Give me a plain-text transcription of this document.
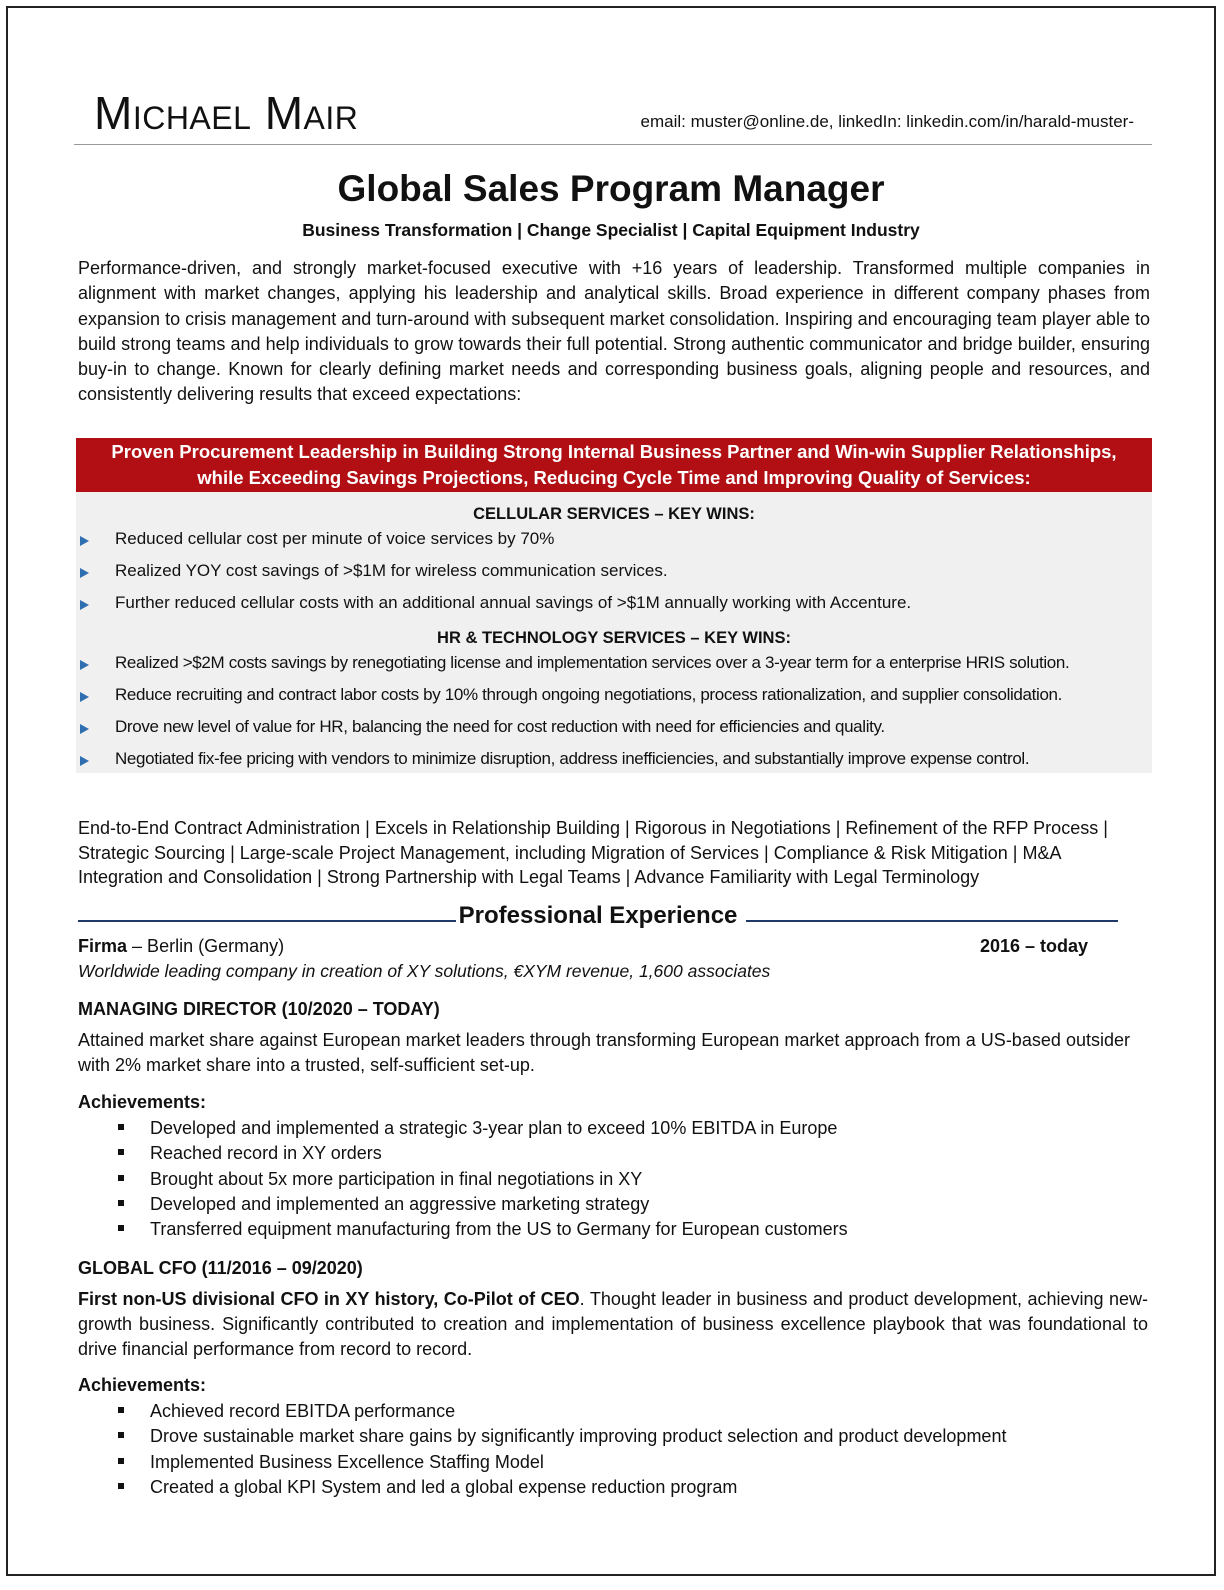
Michael Mair	email: muster@online.de, linkedIn: linkedin.com/in/harald-muster-
Global Sales Program Manager
Business Transformation | Change Specialist | Capital Equipment Industry

Performance-driven, and strongly market-focused executive with +16 years of leadership. Transformed multiple companies in alignment with market changes, applying his leadership and analytical skills. Broad experience in different company phases from expansion to crisis management and turn-around with subsequent market consolidation. Inspiring and encouraging team player able to build strong teams and help individuals to grow towards their full potential. Strong authentic communicator and bridge builder, ensuring buy-in to change. Known for clearly defining market needs and corresponding business goals, aligning people and resources, and consistently delivering results that exceed expectations:

Proven Procurement Leadership in Building Strong Internal Business Partner and Win-win Supplier Relationships,
while Exceeding Savings Projections, Reducing Cycle Time and Improving Quality of Services:
CELLULAR SERVICES – KEY WINS:
Reduced cellular cost per minute of voice services by 70%
Realized YOY cost savings of >$1M for wireless communication services.
Further reduced cellular costs with an additional annual savings of >$1M annually working with Accenture.
HR & TECHNOLOGY SERVICES – KEY WINS:
Realized >$2M costs savings by renegotiating license and implementation services over a 3-year term for a enterprise HRIS solution.
Reduce recruiting and contract labor costs by 10% through ongoing negotiations, process rationalization, and supplier consolidation.
Drove new level of value for HR, balancing the need for cost reduction with need for efficiencies and quality.
Negotiated fix-fee pricing with vendors to minimize disruption, address inefficiencies, and substantially improve expense control.

End-to-End Contract Administration | Excels in Relationship Building | Rigorous in Negotiations | Refinement of the RFP Process | Strategic Sourcing | Large-scale Project Management, including Migration of Services | Compliance & Risk Mitigation | M&A Integration and Consolidation | Strong Partnership with Legal Teams | Advance Familiarity with Legal Terminology

Professional Experience
Firma – Berlin (Germany)	2016 – today
Worldwide leading company in creation of XY solutions, €XYM revenue, 1,600 associates
MANAGING DIRECTOR (10/2020 – TODAY)

Attained market share against European market leaders through transforming European market approach from a US-based outsider with 2% market share into a trusted, self-sufficient set-up.

Achievements:
Developed and implemented a strategic 3-year plan to exceed 10% EBITDA in Europe
Reached record in XY orders
Brought about 5x more participation in final negotiations in XY
Developed and implemented an aggressive marketing strategy
Transferred equipment manufacturing from the US to Germany for European customers
GLOBAL CFO (11/2016 – 09/2020)

First non-US divisional CFO in XY history, Co-Pilot of CEO. Thought leader in business and product development, achieving new-growth business. Significantly contributed to creation and implementation of business excellence playbook that was foundational to drive financial performance from record to record.

Achievements:
Achieved record EBITDA performance
Drove sustainable market share gains by significantly improving product selection and product development
Implemented Business Excellence Staffing Model
Created a global KPI System and led a global expense reduction program
